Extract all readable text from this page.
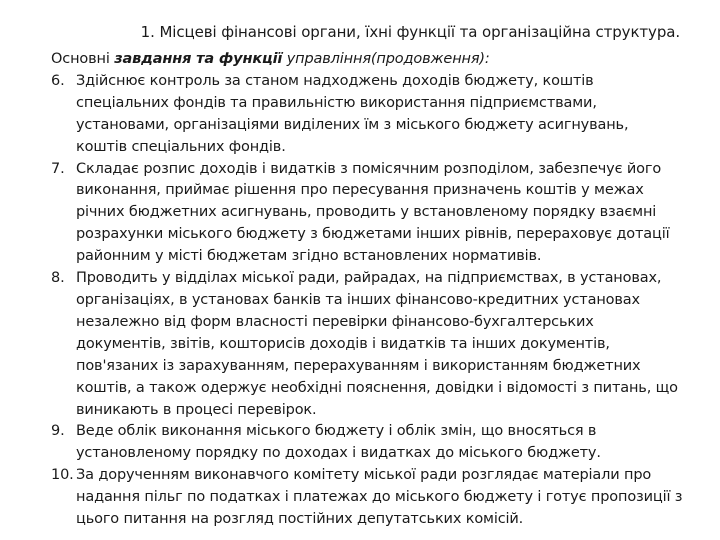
1. Місцеві фінансові органи, їхні функції та організаційна структура.

Основні завдання та функції управління(продовження):

6. Здійснює контроль за станом надходжень доходів бюджету, коштів
спеціальних фондів та правильністю використання підприємствами,
установами, організаціями виділених їм з міського бюджету асигнувань,
коштів спеціальних фондів.
7. Складає розпис доходів і видатків з помісячним розподілом, забезпечує його
виконання, приймає рішення про пересування призначень коштів у межах
річних бюджетних асигнувань, проводить у встановленому порядку взаємні
розрахунки міського бюджету з бюджетами інших рівнів, перераховує дотації
районним у місті бюджетам згідно встановлених нормативів.
8. Проводить у відділах міської ради, райрадах, на підприємствах, в установах,
організаціях, в установах банків та інших фінансово-кредитних установах
незалежно від форм власності перевірки фінансово-бухгалтерських
документів, звітів, кошторисів доходів і видатків та інших документів,
пов'язаних із зарахуванням, перерахуванням і використанням бюджетних
коштів, а також одержує необхідні пояснення, довідки і відомості з питань, що
виникають в процесі перевірок.
9. Веде облік виконання міського бюджету і облік змін, що вносяться в
установленому порядку по доходах і видатках до міського бюджету.
10. За дорученням виконавчого комітету міської ради розглядає матеріали про
надання пільг по податках і платежах до міського бюджету і готує пропозиції з
цього питання на розгляд постійних депутатських комісій.
